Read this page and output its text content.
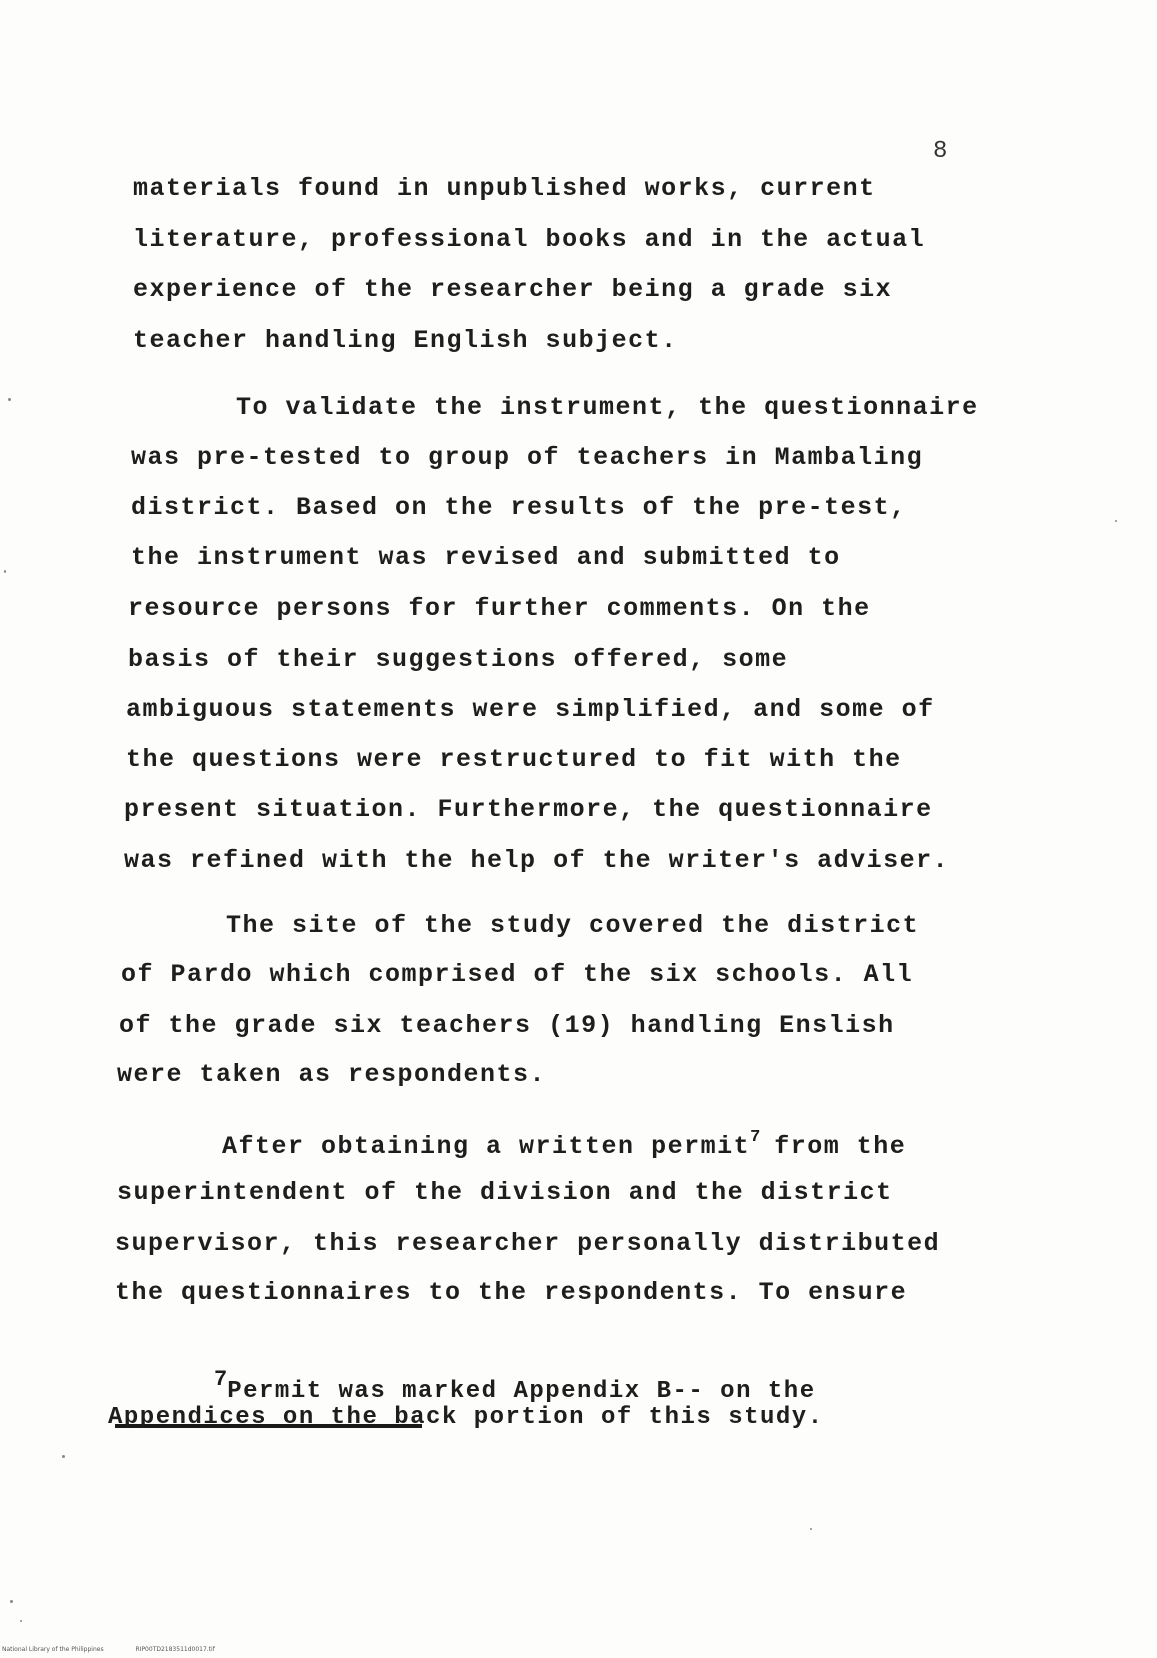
8
materials found in unpublished works, current
literature, professional books and in the actual
experience of the researcher being a grade six
teacher handling English subject.
To validate the instrument, the questionnaire
was pre-tested to group of teachers in Mambaling
district. Based on the results of the pre-test,
the instrument was revised and submitted to
resource persons for further comments. On the
basis of their suggestions offered, some
ambiguous statements were simplified, and some of
the questions were restructured to fit with the
present situation. Furthermore, the questionnaire
was refined with the help of the writer's adviser.
The site of the study covered the district
of Pardo which comprised of the six schools. All
of the grade six teachers (19) handling Enslish
were taken as respondents.
After obtaining a written permit$^7$ from the
superintendent of the division and the district
supervisor, this researcher personally distributed
the questionnaires to the respondents. To ensure
7Permit was marked Appendix B-- on the
Appendices on the back portion of this study.
National Library of the Philippines	RIP00TD2183511d0017.tif
